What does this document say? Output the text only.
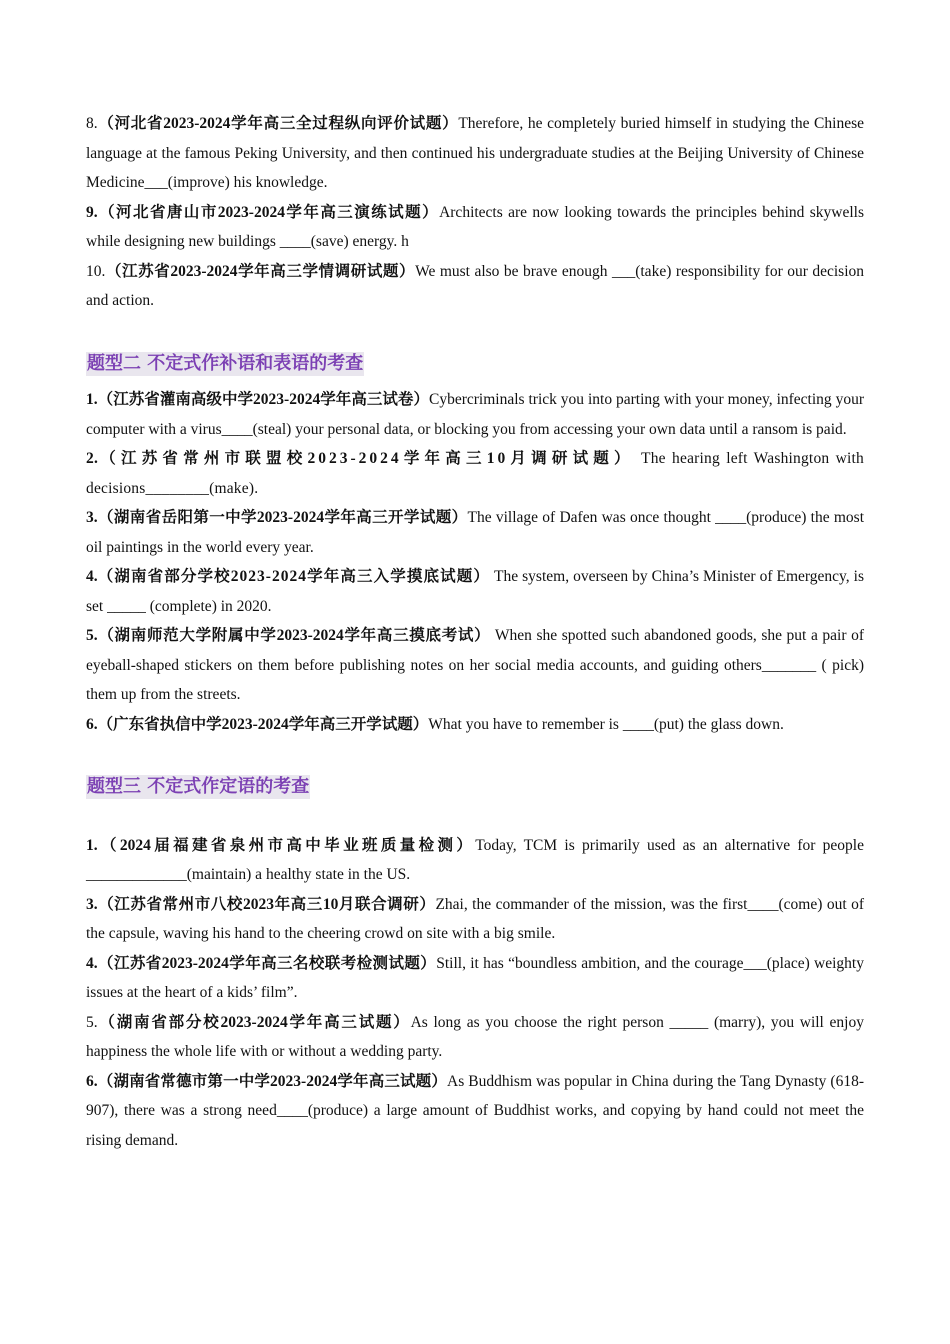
8.（河北省2023-2024学年高三全过程纵向评价试题）Therefore, he completely buried himself in studying the Chinese language at the famous Peking University, and then continued his undergraduate studies at the Beijing University of Chinese Medicine___(improve) his knowledge.

9.（河北省唐山市2023-2024学年高三演练试题）Architects are now looking towards the principles behind skywells while designing new buildings ____(save) energy. h

10.（江苏省2023-2024学年高三学情调研试题）We must also be brave enough ___(take) responsibility for our decision and action.

题型二 不定式作补语和表语的考查

1.（江苏省灌南高级中学2023-2024学年高三试卷）Cybercriminals trick you into parting with your money, infecting your computer with a virus____(steal) your personal data, or blocking you from accessing your own data until a ransom is paid.

2.（江苏省常州市联盟校2023-2024学年高三10月调研试题） The hearing left Washington with decisions________(make).

3.（湖南省岳阳第一中学2023-2024学年高三开学试题）The village of Dafen was once thought ____(produce) the most oil paintings in the world every year.

4.（湖南省部分学校2023-2024学年高三入学摸底试题） The system, overseen by China’s Minister of Emergency, is set _____ (complete) in 2020.

5.（湖南师范大学附属中学2023-2024学年高三摸底考试） When she spotted such abandoned goods, she put a pair of eyeball-shaped stickers on them before publishing notes on her social media accounts, and guiding others_______ ( pick) them up from the streets.

6.（广东省执信中学2023-2024学年高三开学试题）What you have to remember is ____(put) the glass down.

题型三 不定式作定语的考查

1.（2024届福建省泉州市高中毕业班质量检测）Today, TCM is primarily used as an alternative for people _____________(maintain) a healthy state in the US.

3.（江苏省常州市八校2023年高三10月联合调研）Zhai, the commander of the mission, was the first____(come) out of the capsule, waving his hand to the cheering crowd on site with a big smile.

4.（江苏省2023-2024学年高三名校联考检测试题）Still, it has “boundless ambition, and the courage___(place) weighty issues at the heart of a kids’ film”.

5.（湖南省部分校2023-2024学年高三试题）As long as you choose the right person _____ (marry), you will enjoy happiness the whole life with or without a wedding party.

6.（湖南省常德市第一中学2023-2024学年高三试题）As Buddhism was popular in China during the Tang Dynasty (618-907), there was a strong need____(produce) a large amount of Buddhist works, and copying by hand could not meet the rising demand.
